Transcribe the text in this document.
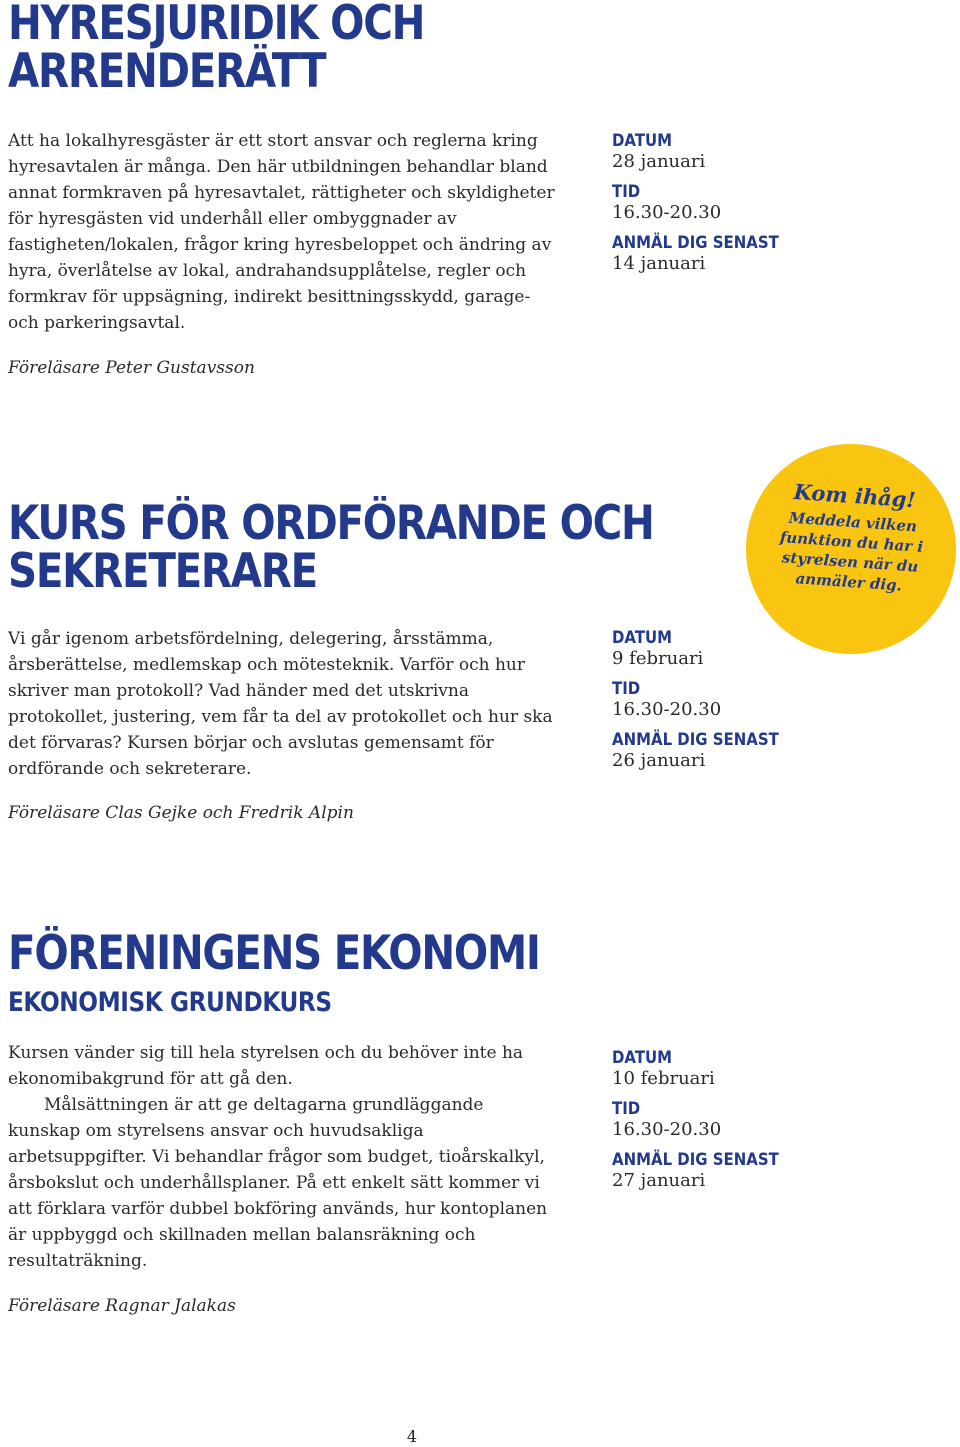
HYRESJURIDIK OCH
ARRENDERÄTT

Att ha lokalhyresgäster är ett stort ansvar och reglerna kring hyresavtalen är många. Den här utbildningen behandlar bland annat formkraven på hyresavtalet, rättigheter och skyldigheter för hyresgästen vid underhåll eller ombyggnader av fastigheten/lokalen, frågor kring hyresbeloppet och ändring av hyra, överlåtelse av lokal, andrahandsupplåtelse, regler och formkrav för uppsägning, indirekt besittningsskydd, garage- och parkeringsavtal.

Föreläsare Peter Gustavsson
DATUM
28 januari
TID
16.30-20.30
ANMÄL DIG SENAST
14 januari
Kom ihåg!
Meddela vilken funktion du har i styrelsen när du anmäler dig.
KURS FÖR ORDFÖRANDE OCH
SEKRETERARE

Vi går igenom arbetsfördelning, delegering, årsstämma, årsberättelse, medlemskap och mötesteknik. Varför och hur skriver man protokoll? Vad händer med det utskrivna protokollet, justering, vem får ta del av protokollet och hur ska det förvaras? Kursen börjar och avslutas gemensamt för ordförande och sekreterare.

Föreläsare Clas Gejke och Fredrik Alpin
DATUM
9 februari
TID
16.30-20.30
ANMÄL DIG SENAST
26 januari
FÖRENINGENS EKONOMI
EKONOMISK GRUNDKURS

Kursen vänder sig till hela styrelsen och du behöver inte ha ekonomibakgrund för att gå den.

Målsättningen är att ge deltagarna grundläggande kunskap om styrelsens ansvar och huvudsakliga arbetsuppgifter. Vi behandlar frågor som budget, tioårskalkyl, årsbokslut och underhållsplaner. På ett enkelt sätt kommer vi att förklara varför dubbel bokföring används, hur kontoplanen är uppbyggd och skillnaden mellan balansräkning och resultaträkning.

Föreläsare Ragnar Jalakas
DATUM
10 februari
TID
16.30-20.30
ANMÄL DIG SENAST
27 januari
4
